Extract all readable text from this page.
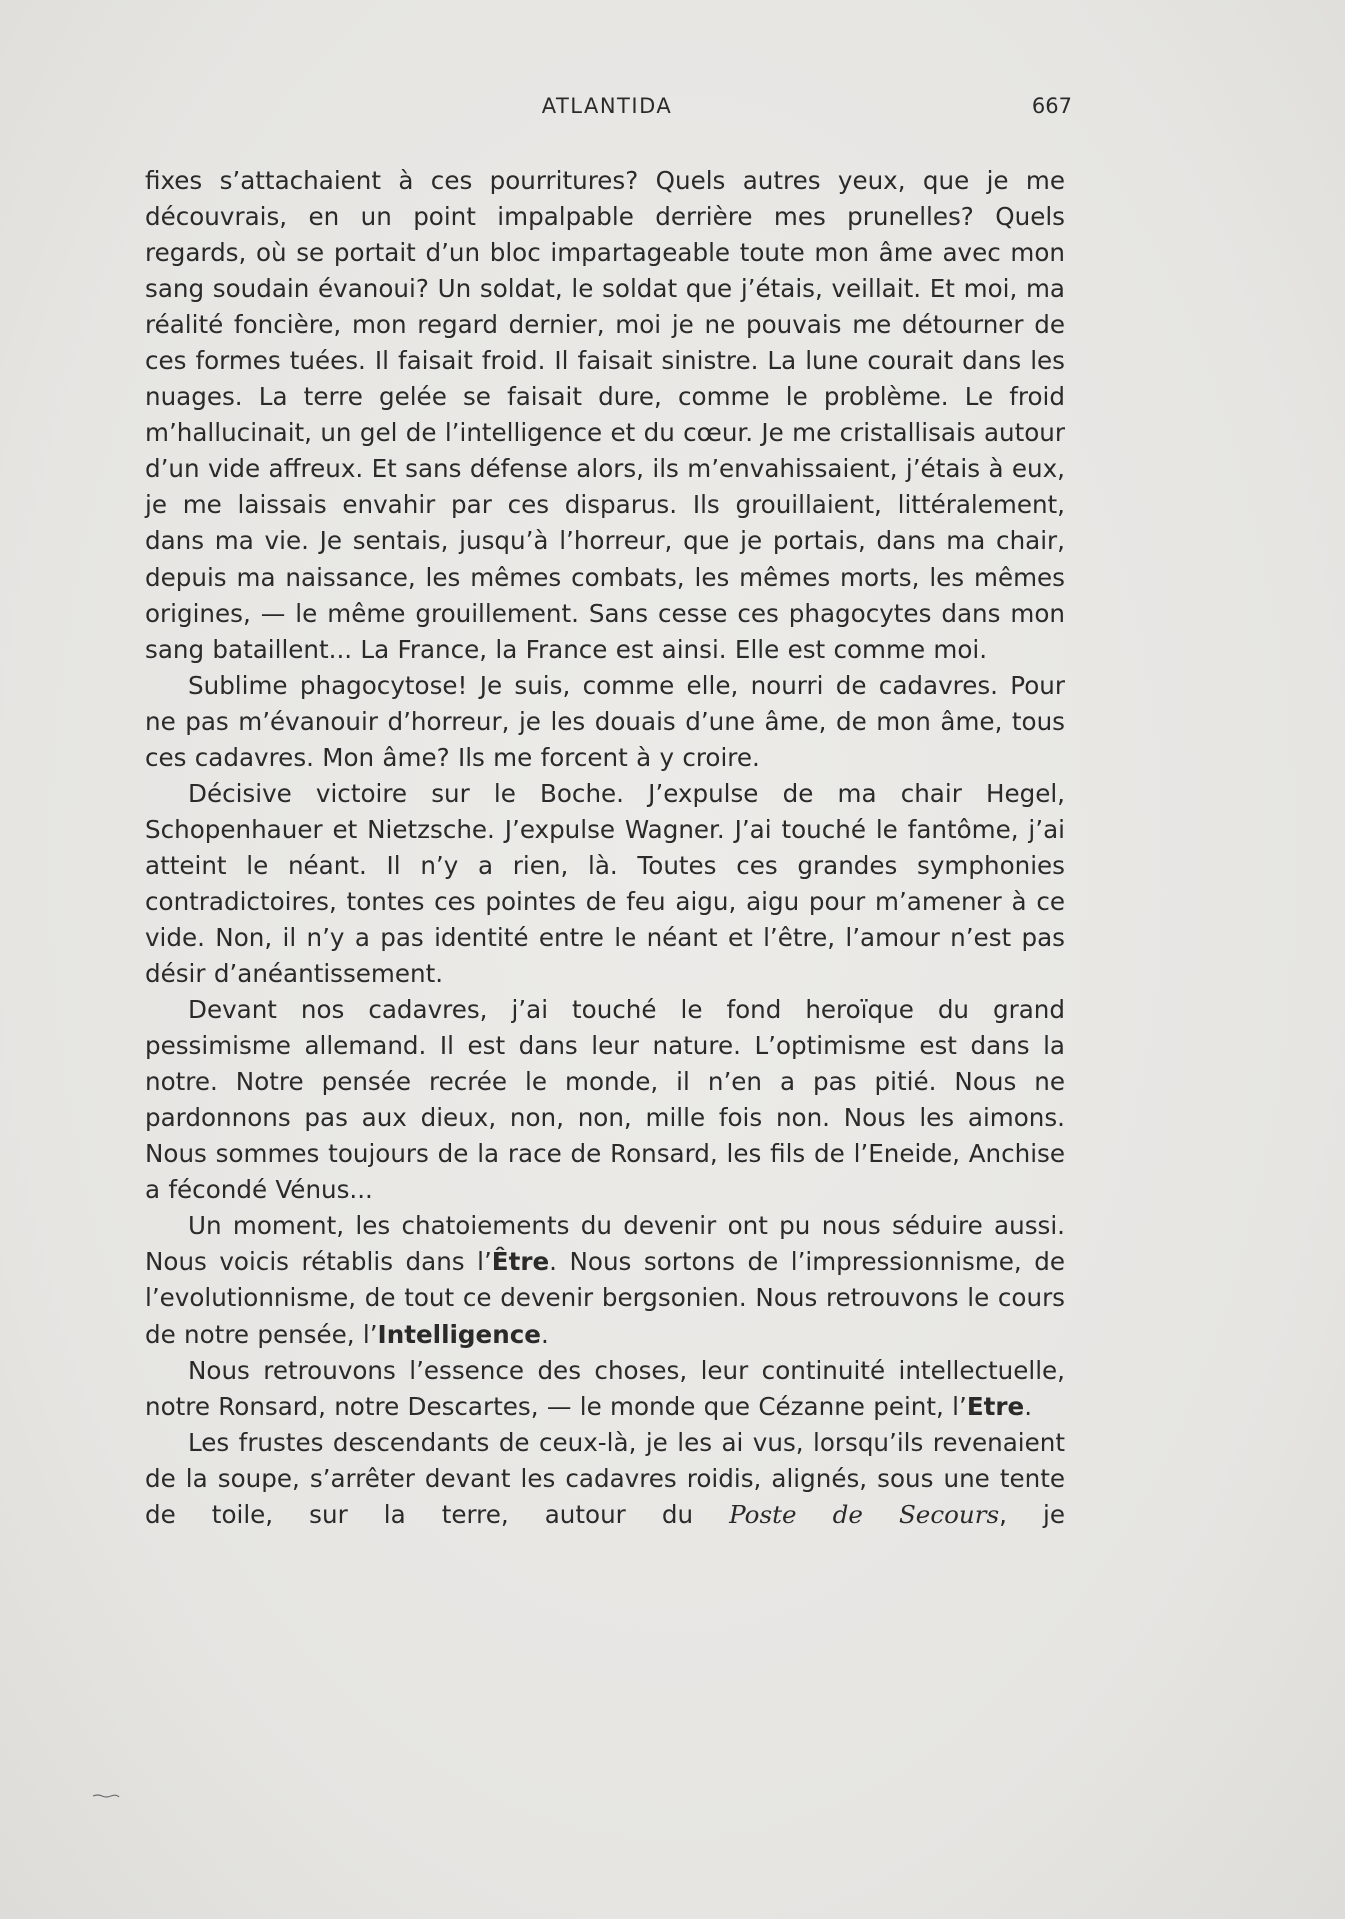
ATLANTIDA	667

fixes s’attachaient à ces pourritures? Quels autres yeux, que je me découvrais, en un point impalpable derrière mes prunelles? Quels regards, où se portait d’un bloc impartageable toute mon âme avec mon sang soudain évanoui? Un soldat, le soldat que j’étais, veillait. Et moi, ma réalité foncière, mon regard dernier, moi je ne pouvais me détourner de ces formes tuées. Il faisait froid. Il faisait sinistre. La lune courait dans les nuages. La terre gelée se faisait dure, comme le problème. Le froid m’hallucinait, un gel de l’intelligence et du cœur. Je me cristallisais autour d’un vide affreux. Et sans défense alors, ils m’envahissaient, j’étais à eux, je me laissais envahir par ces disparus. Ils grouillaient, littéralement, dans ma vie. Je sentais, jusqu’à l’horreur, que je portais, dans ma chair, depuis ma naissance, les mêmes combats, les mêmes morts, les mêmes origines, — le même grouillement. Sans cesse ces phagocytes dans mon sang bataillent... La France, la France est ainsi. Elle est comme moi.

Sublime phagocytose! Je suis, comme elle, nourri de cadavres. Pour ne pas m’évanouir d’horreur, je les douais d’une âme, de mon âme, tous ces cadavres. Mon âme? Ils me forcent à y croire.

Décisive victoire sur le Boche. J’expulse de ma chair Hegel, Schopenhauer et Nietzsche. J’expulse Wagner. J’ai touché le fantôme, j’ai atteint le néant. Il n’y a rien, là. Toutes ces grandes symphonies contradictoires, tontes ces pointes de feu aigu, aigu pour m’amener à ce vide. Non, il n’y a pas identité entre le néant et l’être, l’amour n’est pas désir d’anéantissement.

Devant nos cadavres, j’ai touché le fond heroïque du grand pessimisme allemand. Il est dans leur nature. L’optimisme est dans la notre. Notre pensée recrée le monde, il n’en a pas pitié. Nous ne pardonnons pas aux dieux, non, non, mille fois non. Nous les aimons. Nous sommes toujours de la race de Ronsard, les fils de l’Eneide, Anchise a fécondé Vénus...

Un moment, les chatoiements du devenir ont pu nous séduire aussi. Nous voicis rétablis dans l’Être. Nous sortons de l’impressionnisme, de l’evolutionnisme, de tout ce devenir bergsonien. Nous retrouvons le cours de notre pensée, l’Intelligence.

Nous retrouvons l’essence des choses, leur continuité intellectuelle, notre Ronsard, notre Descartes, — le monde que Cézanne peint, l’Etre.

Les frustes descendants de ceux-là, je les ai vus, lorsqu’ils revenaient de la soupe, s’arrêter devant les cadavres roidis, alignés, sous une tente de toile, sur la terre, autour du Poste de Secours, je
